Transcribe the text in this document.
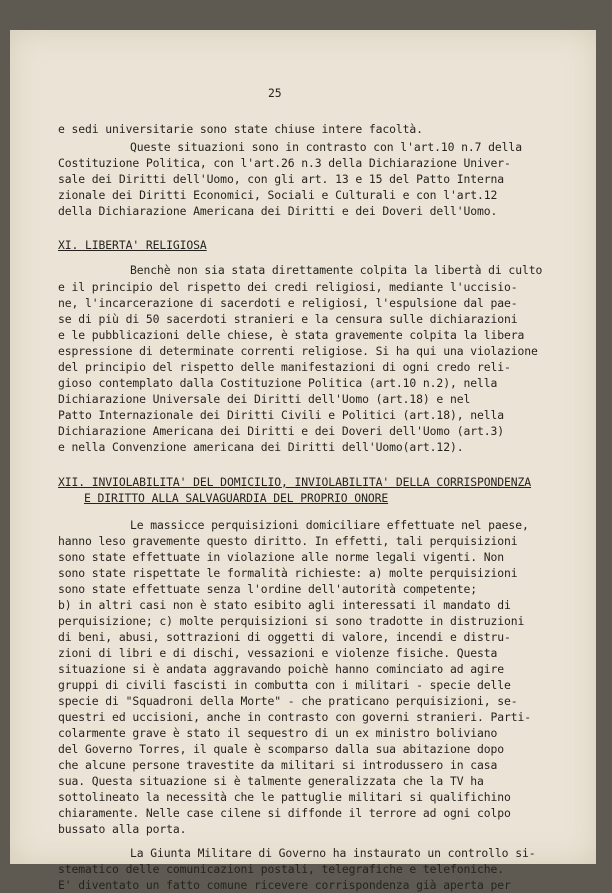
25
e sedi universitarie sono state chiuse intere facoltà.
Queste situazioni sono in contrasto con l'art.10 n.7 della
Costituzione Politica, con l'art.26 n.3 della Dichiarazione Univer-
sale dei Diritti dell'Uomo, con gli art. 13 e 15 del Patto Interna
zionale dei Diritti Economici, Sociali e Culturali e con l'art.12
della Dichiarazione Americana dei Diritti e dei Doveri dell'Uomo.
XI. LIBERTA' RELIGIOSA
Benchè non sia stata direttamente colpita la libertà di culto
e il principio del rispetto dei credi religiosi, mediante l'uccisio-
ne, l'incarcerazione di sacerdoti e religiosi, l'espulsione dal pae-
se di più di 50 sacerdoti stranieri e la censura sulle dichiarazioni
e le pubblicazioni delle chiese, è stata gravemente colpita la libera
espressione di determinate correnti religiose. Si ha qui una violazione
del principio del rispetto delle manifestazioni di ogni credo reli-
gioso contemplato dalla Costituzione Politica (art.10 n.2), nella
Dichiarazione Universale dei Diritti dell'Uomo (art.18) e nel
Patto Internazionale dei Diritti Civili e Politici (art.18), nella
Dichiarazione Americana dei Diritti e dei Doveri dell'Uomo (art.3)
e nella Convenzione americana dei Diritti dell'Uomo(art.12).
XII. INVIOLABILITA' DEL DOMICILIO, INVIOLABILITA' DELLA CORRISPONDENZA
E DIRITTO ALLA SALVAGUARDIA DEL PROPRIO ONORE
Le massicce perquisizioni domiciliare effettuate nel paese,
hanno leso gravemente questo diritto. In effetti, tali perquisizioni
sono state effettuate in violazione alle norme legali vigenti. Non
sono state rispettate le formalità richieste: a) molte perquisizioni
sono state effettuate senza l'ordine dell'autorità competente;
b) in altri casi non è stato esibito agli interessati il mandato di
perquisizione; c) molte perquisizioni si sono tradotte in distruzioni
di beni, abusi, sottrazioni di oggetti di valore, incendi e distru-
zioni di libri e di dischi, vessazioni e violenze fisiche. Questa
situazione si è andata aggravando poichè hanno cominciato ad agire
gruppi di civili fascisti in combutta con i militari - specie delle
specie di "Squadroni della Morte" - che praticano perquisizioni, se-
questri ed uccisioni, anche in contrasto con governi stranieri. Parti-
colarmente grave è stato il sequestro di un ex ministro boliviano
del Governo Torres, il quale è scomparso dalla sua abitazione dopo
che alcune persone travestite da militari si introdussero in casa
sua. Questa situazione si è talmente generalizzata che la TV ha
sottolineato la necessità che le pattuglie militari si qualifichino
chiaramente. Nelle case cilene si diffonde il terrore ad ogni colpo
bussato alla porta.
La Giunta Militare di Governo ha instaurato un controllo si-
stematico delle comunicazioni postali, telegrafiche e telefoniche.
E' diventato un fatto comune ricevere corrispondenza già aperta per
